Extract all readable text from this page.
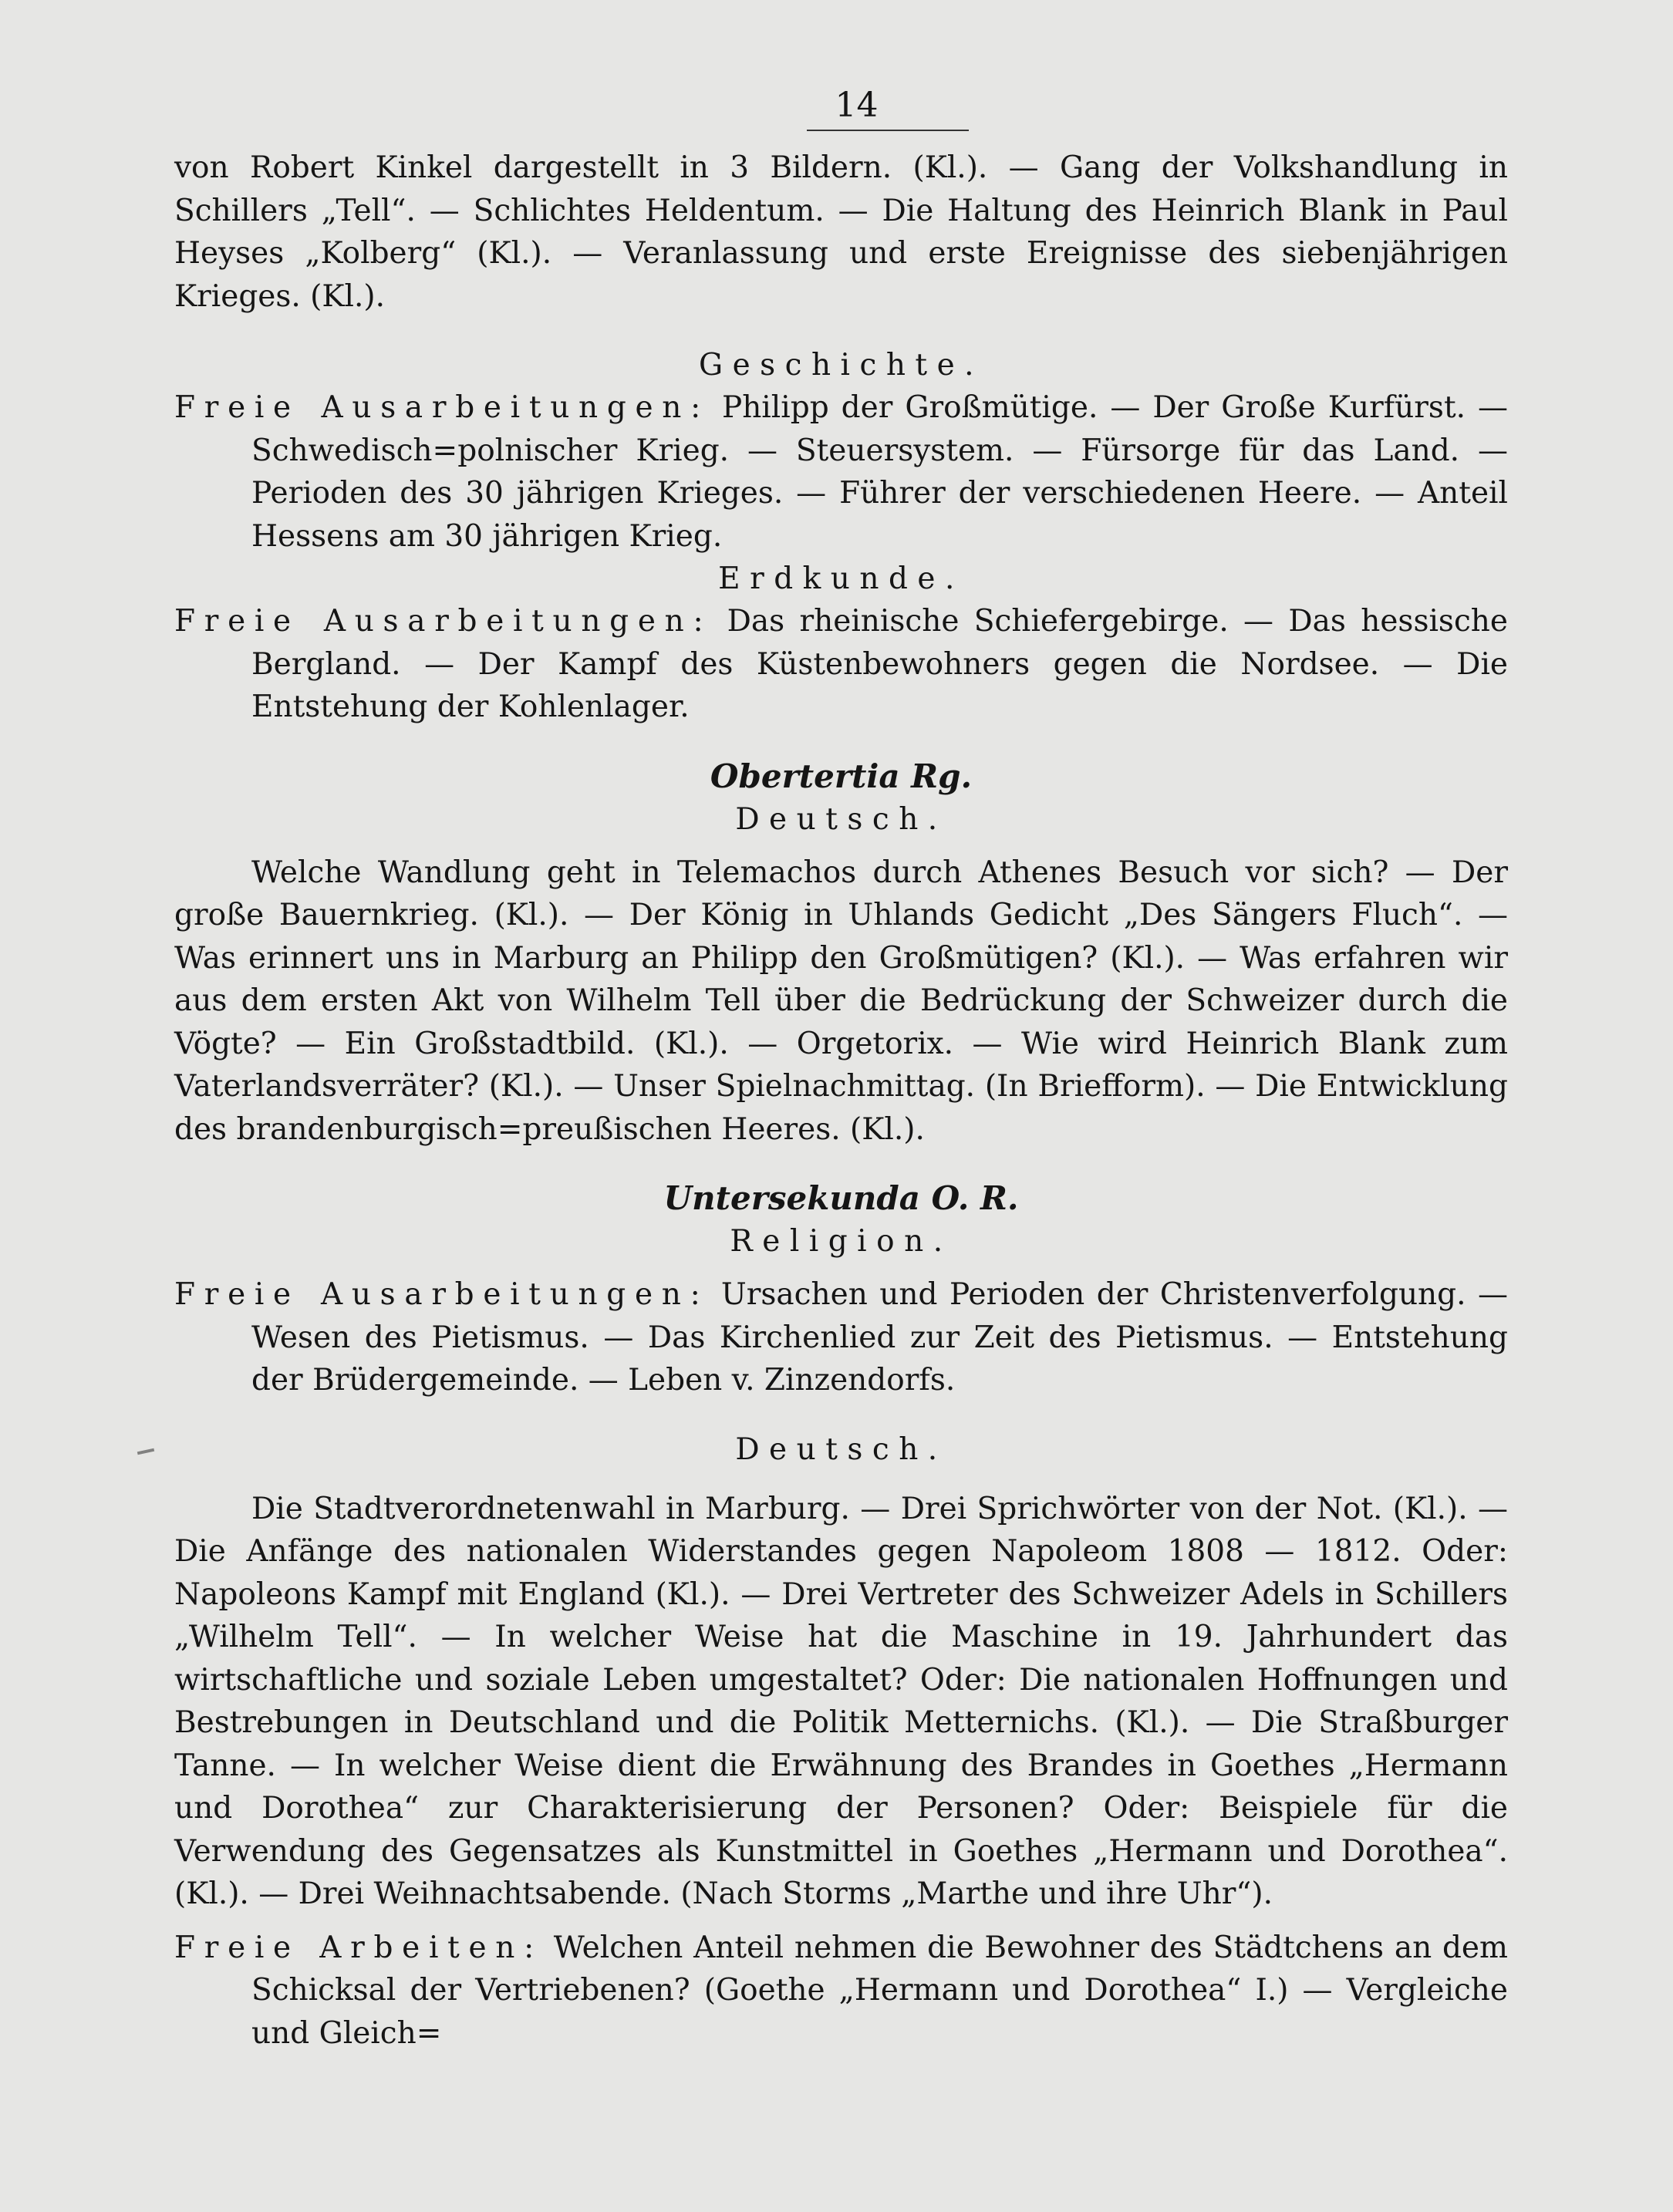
14

von Robert Kinkel dargestellt in 3 Bildern. (Kl.). — Gang der Volkshandlung in Schillers „Tell“. — Schlichtes Heldentum. — Die Haltung des Heinrich Blank in Paul Heyses „Kolberg“ (Kl.). — Veranlassung und erste Ereignisse des siebenjährigen Krieges. (Kl.).

Geschichte.

Freie Ausarbeitungen: Philipp der Großmütige. — Der Große Kurfürst. — Schwedisch=polnischer Krieg. — Steuersystem. — Fürsorge für das Land. — Perioden des 30 jährigen Krieges. — Führer der verschiedenen Heere. — Anteil Hessens am 30 jährigen Krieg.

Erdkunde.

Freie Ausarbeitungen: Das rheinische Schiefergebirge. — Das hessische Bergland. — Der Kampf des Küstenbewohners gegen die Nordsee. — Die Entstehung der Kohlenlager.

Obertertia Rg.
Deutsch.

Welche Wandlung geht in Telemachos durch Athenes Besuch vor sich? — Der große Bauernkrieg. (Kl.). — Der König in Uhlands Gedicht „Des Sängers Fluch“. — Was erinnert uns in Marburg an Philipp den Großmütigen? (Kl.). — Was erfahren wir aus dem ersten Akt von Wilhelm Tell über die Bedrückung der Schweizer durch die Vögte? — Ein Großstadtbild. (Kl.). — Orgetorix. — Wie wird Heinrich Blank zum Vaterlandsverräter? (Kl.). — Unser Spielnachmittag. (In Briefform). — Die Entwicklung des brandenburgisch=preußischen Heeres. (Kl.).

Untersekunda O. R.
Religion.

Freie Ausarbeitungen: Ursachen und Perioden der Christenverfolgung. — Wesen des Pietismus. — Das Kirchenlied zur Zeit des Pietismus. — Entstehung der Brüdergemeinde. — Leben v. Zinzendorfs.

Deutsch.

Die Stadtverordnetenwahl in Marburg. — Drei Sprichwörter von der Not. (Kl.). — Die Anfänge des nationalen Widerstandes gegen Napoleom 1808 — 1812. Oder: Napoleons Kampf mit England (Kl.). — Drei Vertreter des Schweizer Adels in Schillers „Wilhelm Tell“. — In welcher Weise hat die Maschine in 19. Jahrhundert das wirtschaftliche und soziale Leben umgestaltet? Oder: Die nationalen Hoffnungen und Bestrebungen in Deutschland und die Politik Metternichs. (Kl.). — Die Straßburger Tanne. — In welcher Weise dient die Erwähnung des Brandes in Goethes „Hermann und Dorothea“ zur Charakterisierung der Personen? Oder: Beispiele für die Verwendung des Gegensatzes als Kunstmittel in Goethes „Hermann und Dorothea“. (Kl.). — Drei Weihnachtsabende. (Nach Storms „Marthe und ihre Uhr“).

Freie Arbeiten: Welchen Anteil nehmen die Bewohner des Städtchens an dem Schicksal der Vertriebenen? (Goethe „Hermann und Dorothea“ I.) — Vergleiche und Gleich=
